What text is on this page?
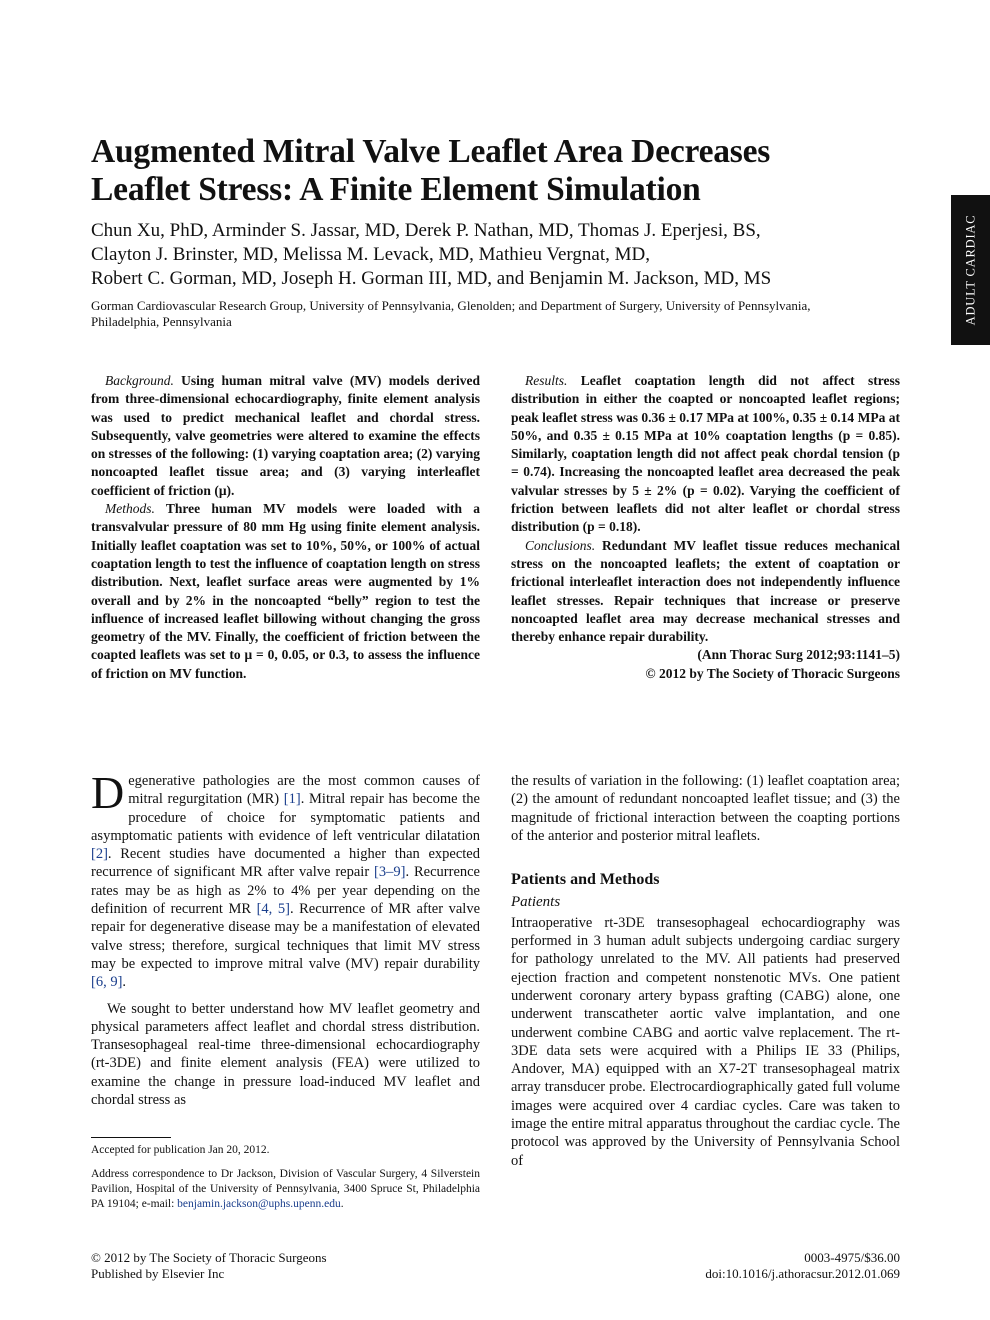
Augmented Mitral Valve Leaflet Area Decreases
Leaflet Stress: A Finite Element Simulation
Chun Xu, PhD, Arminder S. Jassar, MD, Derek P. Nathan, MD, Thomas J. Eperjesi, BS,
Clayton J. Brinster, MD, Melissa M. Levack, MD, Mathieu Vergnat, MD,
Robert C. Gorman, MD, Joseph H. Gorman III, MD, and Benjamin M. Jackson, MD, MS
Gorman Cardiovascular Research Group, University of Pennsylvania, Glenolden; and Department of Surgery, University of Pennsylvania, Philadelphia, Pennsylvania	ADULT CARDIAC

Background. Using human mitral valve (MV) models derived from three-dimensional echocardiography, finite element analysis was used to predict mechanical leaflet and chordal stress. Subsequently, valve geometries were altered to examine the effects on stresses of the following: (1) varying coaptation area; (2) varying noncoapted leaflet tissue area; and (3) varying interleaflet coefficient of friction (μ).

Methods. Three human MV models were loaded with a transvalvular pressure of 80 mm Hg using finite element analysis. Initially leaflet coaptation was set to 10%, 50%, or 100% of actual coaptation length to test the influence of coaptation length on stress distribution. Next, leaflet surface areas were augmented by 1% overall and by 2% in the noncoapted “belly” region to test the influence of increased leaflet billowing without changing the gross geometry of the MV. Finally, the coefficient of friction between the coapted leaflets was set to μ = 0, 0.05, or 0.3, to assess the influence of friction on MV function.

Results. Leaflet coaptation length did not affect stress distribution in either the coapted or noncoapted leaflet regions; peak leaflet stress was 0.36 ± 0.17 MPa at 100%, 0.35 ± 0.14 MPa at 50%, and 0.35 ± 0.15 MPa at 10% coaptation lengths (p = 0.85). Similarly, coaptation length did not affect peak chordal tension (p = 0.74). Increasing the noncoapted leaflet area decreased the peak valvular stresses by 5 ± 2% (p = 0.02). Varying the coefficient of friction between leaflets did not alter leaflet or chordal stress distribution (p = 0.18).

Conclusions. Redundant MV leaflet tissue reduces mechanical stress on the noncoapted leaflets; the extent of coaptation or frictional interleaflet interaction does not independently influence leaflet stresses. Repair techniques that increase or preserve noncoapted leaflet area may decrease mechanical stresses and thereby enhance repair durability.

(Ann Thorac Surg 2012;93:1141–5)
© 2012 by The Society of Thoracic Surgeons

Degenerative pathologies are the most common causes of mitral regurgitation (MR) [1]. Mitral repair has become the procedure of choice for symptomatic patients and asymptomatic patients with evidence of left ventricular dilatation [2]. Recent studies have documented a higher than expected recurrence of significant MR after valve repair [3–9]. Recurrence rates may be as high as 2% to 4% per year depending on the definition of recurrent MR [4, 5]. Recurrence of MR after valve repair for degenerative disease may be a manifestation of elevated valve stress; therefore, surgical techniques that limit MV stress may be expected to improve mitral valve (MV) repair durability [6, 9].

We sought to better understand how MV leaflet geometry and physical parameters affect leaflet and chordal stress distribution. Transesophageal real-time three-dimensional echocardiography (rt-3DE) and finite element analysis (FEA) were utilized to examine the change in pressure load-induced MV leaflet and chordal stress as

the results of variation in the following: (1) leaflet coaptation area; (2) the amount of redundant noncoapted leaflet tissue; and (3) the magnitude of frictional interaction between the coapting portions of the anterior and posterior mitral leaflets.

Patients and Methods
Patients

Intraoperative rt-3DE transesophageal echocardiography was performed in 3 human adult subjects undergoing cardiac surgery for pathology unrelated to the MV. All patients had preserved ejection fraction and competent nonstenotic MVs. One patient underwent coronary artery bypass grafting (CABG) alone, one underwent transcatheter aortic valve implantation, and one underwent combine CABG and aortic valve replacement. The rt-3DE data sets were acquired with a Philips IE 33 (Philips, Andover, MA) equipped with an X7-2T transesophageal matrix array transducer probe. Electrocardiographically gated full volume images were acquired over 4 cardiac cycles. Care was taken to image the entire mitral apparatus throughout the cardiac cycle. The protocol was approved by the University of Pennsylvania School of

Accepted for publication Jan 20, 2012.

Address correspondence to Dr Jackson, Division of Vascular Surgery, 4 Silverstein Pavilion, Hospital of the University of Pennsylvania, 3400 Spruce St, Philadelphia PA 19104; e-mail: benjamin.jackson@uphs.upenn.edu.

© 2012 by The Society of Thoracic Surgeons
Published by Elsevier Inc
0003-4975/$36.00
doi:10.1016/j.athoracsur.2012.01.069
